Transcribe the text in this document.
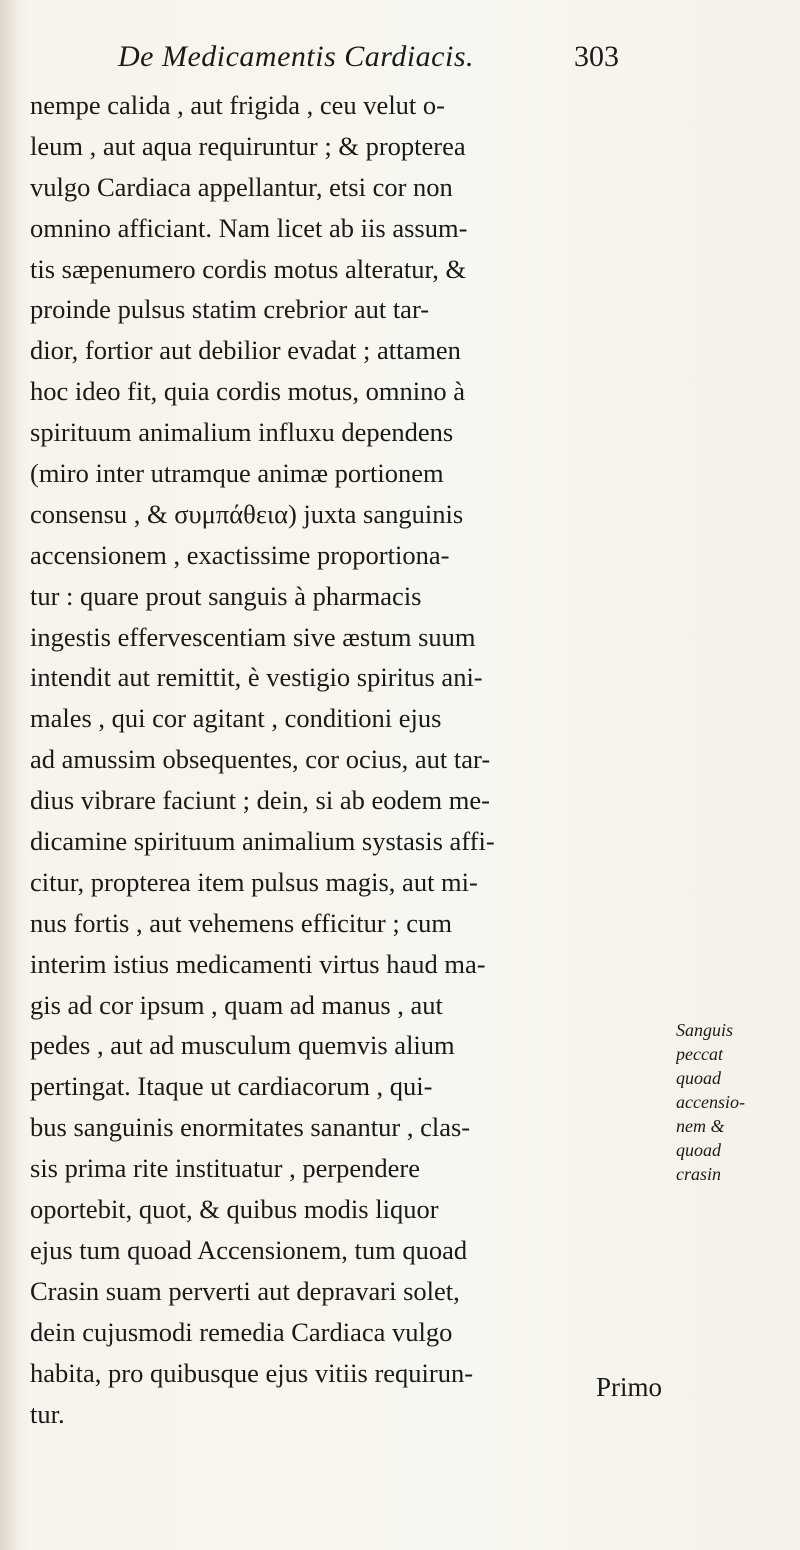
De Medicamentis Cardiacis.	303
nempe calida , aut frigida , ceu velut o-
leum , aut aqua requiruntur ; & propterea
vulgo Cardiaca appellantur, etsi cor non
omnino afficiant. Nam licet ab iis assum-
tis sæpenumero cordis motus alteratur, &
proinde pulsus statim crebrior aut tar-
dior, fortior aut debilior evadat ; attamen
hoc ideo fit, quia cordis motus, omnino à
spirituum animalium influxu dependens
(miro inter utramque animæ portionem
consensu , & συμπάθεια) juxta sanguinis
accensionem , exactissime proportiona-
tur : quare prout sanguis à pharmacis
ingestis effervescentiam sive æstum suum
intendit aut remittit, è vestigio spiritus ani-
males , qui cor agitant , conditioni ejus
ad amussim obsequentes, cor ocius, aut tar-
dius vibrare faciunt ; dein, si ab eodem me-
dicamine spirituum animalium systasis affi-
citur, propterea item pulsus magis, aut mi-
nus fortis , aut vehemens efficitur ; cum
interim istius medicamenti virtus haud ma-
gis ad cor ipsum , quam ad manus , aut
pedes , aut ad musculum quemvis alium
pertingat. Itaque ut cardiacorum , qui-
bus sanguinis enormitates sanantur , clas-
sis prima rite instituatur , perpendere
oportebit, quot, & quibus modis liquor
ejus tum quoad Accensionem, tum quoad
Crasin suam perverti aut depravari solet,
dein cujusmodi remedia Cardiaca vulgo
habita, pro quibusque ejus vitiis requirun-
tur.
Sanguis
peccat
quoad
accensio-
nem &
quoad
crasin
Primo
